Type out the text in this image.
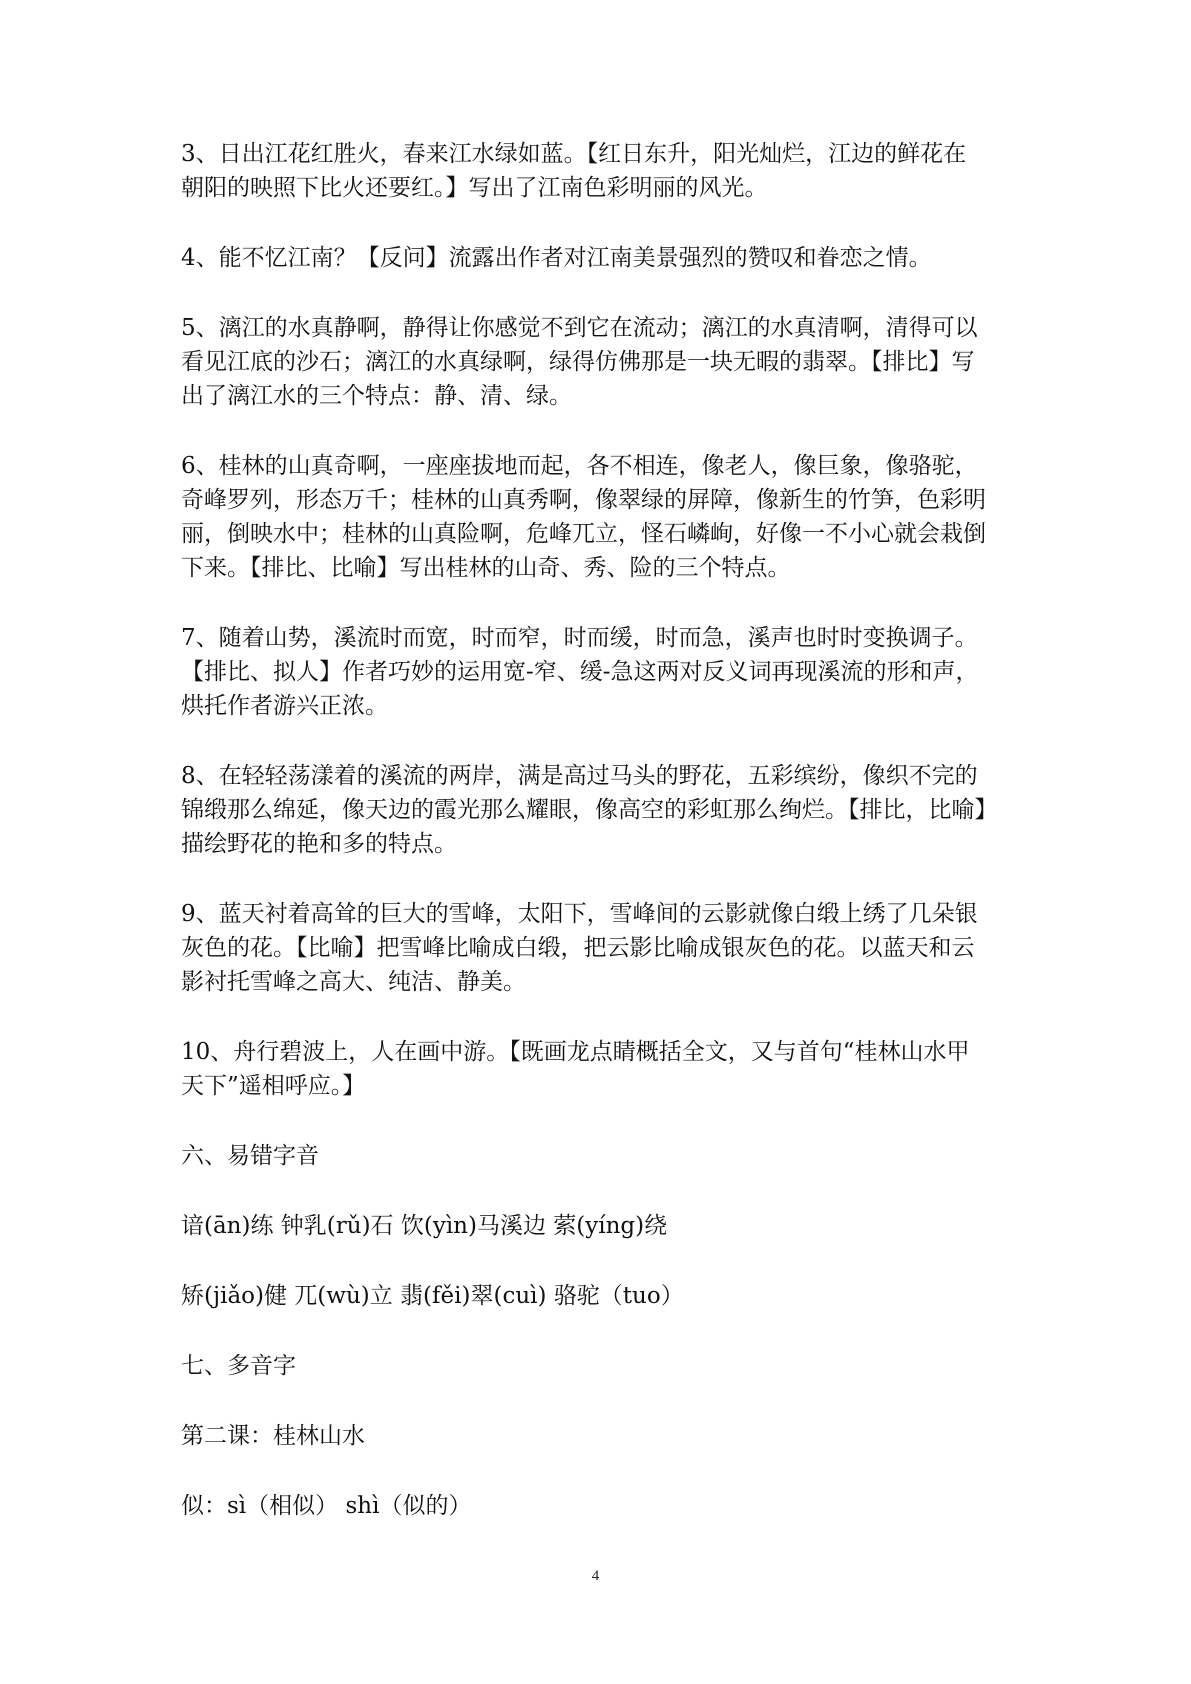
3、日出江花红胜火，春来江水绿如蓝。【红日东升，阳光灿烂，江边的鲜花在
朝阳的映照下比火还要红。】写出了江南色彩明丽的风光。
4、能不忆江南？【反问】流露出作者对江南美景强烈的赞叹和眷恋之情。
5、漓江的水真静啊，静得让你感觉不到它在流动；漓江的水真清啊，清得可以
看见江底的沙石；漓江的水真绿啊，绿得仿佛那是一块无暇的翡翠。【排比】写
出了漓江水的三个特点：静、清、绿。
6、桂林的山真奇啊，一座座拔地而起，各不相连，像老人，像巨象，像骆驼，
奇峰罗列，形态万千；桂林的山真秀啊，像翠绿的屏障，像新生的竹笋，色彩明
丽，倒映水中；桂林的山真险啊，危峰兀立，怪石嶙峋，好像一不小心就会栽倒
下来。【排比、比喻】写出桂林的山奇、秀、险的三个特点。
7、随着山势，溪流时而宽，时而窄，时而缓，时而急，溪声也时时变换调子。
【排比、拟人】作者巧妙的运用宽-窄、缓-急这两对反义词再现溪流的形和声，
烘托作者游兴正浓。
8、在轻轻荡漾着的溪流的两岸，满是高过马头的野花，五彩缤纷，像织不完的
锦缎那么绵延，像天边的霞光那么耀眼，像高空的彩虹那么绚烂。【排比，比喻】
描绘野花的艳和多的特点。
9、蓝天衬着高耸的巨大的雪峰，太阳下，雪峰间的云影就像白缎上绣了几朵银
灰色的花。【比喻】把雪峰比喻成白缎，把云影比喻成银灰色的花。以蓝天和云
影衬托雪峰之高大、纯洁、静美。
10、舟行碧波上，人在画中游。【既画龙点睛概括全文，又与首句“桂林山水甲
天下”遥相呼应。】
六、易错字音
谙(ān)练 钟乳(rǔ)石 饮(yìn)马溪边 萦(yíng)绕
矫(jiǎo)健 兀(wù)立 翡(fěi)翠(cuì) 骆驼（tuo）
七、多音字
第二课：桂林山水
似：sì（相似） shì（似的）
4
